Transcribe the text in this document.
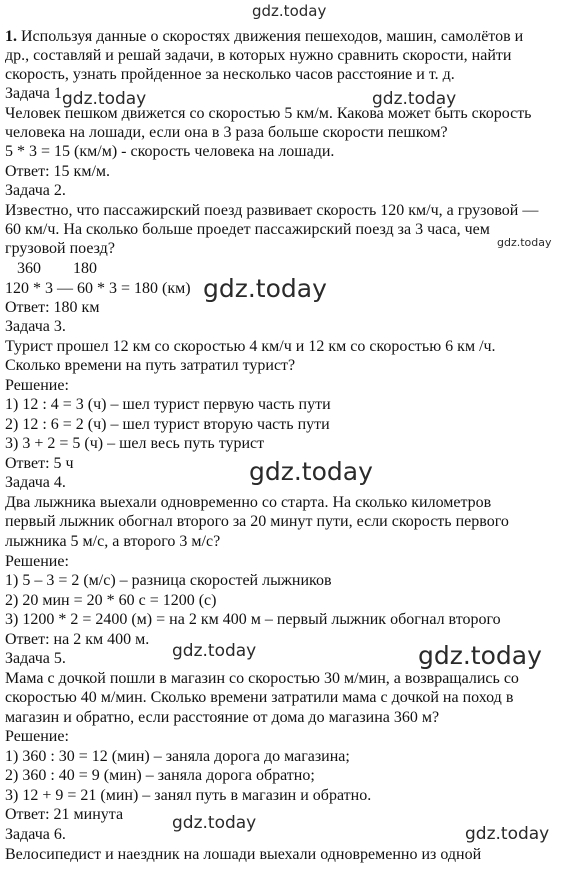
1. Используя данные о скоростях движения пешеходов, машин, самолётов и
др., составляй и решай задачи, в которых нужно сравнить скорости, найти
скорость, узнать пройденное за несколько часов расстояние и т. д.
Задача 1.
Человек пешком движется со скоростью 5 км/м. Какова может быть скорость
человека на лошади, если она в 3 раза больше скорости пешком?
5 * 3 = 15 (км/м) - скорость человека на лошади.
Ответ: 15 км/м.
Задача 2.
Известно, что пассажирский поезд развивает скорость 120 км/ч, а грузовой —
60 км/ч. На сколько больше проедет пассажирский поезд за 3 часа, чем
грузовой поезд?
360        180
120 * 3 — 60 * 3 = 180 (км)
Ответ: 180 км
Задача 3.
Турист прошел 12 км со скоростью 4 км/ч и 12 км со скоростью 6 км /ч.
Сколько времени на путь затратил турист?
Решение:
1) 12 : 4 = 3 (ч) – шел турист первую часть пути
2) 12 : 6 = 2 (ч) – шел турист вторую часть пути
3) 3 + 2 = 5 (ч) – шел весь путь турист
Ответ: 5 ч
Задача 4.
Два лыжника выехали одновременно со старта. На сколько километров
первый лыжник обогнал второго за 20 минут пути, если скорость первого
лыжника 5 м/с, а второго 3 м/с?
Решение:
1) 5 – 3 = 2 (м/с) – разница скоростей лыжников
2) 20 мин = 20 * 60 с = 1200 (с)
3) 1200 * 2 = 2400 (м) = на 2 км 400 м – первый лыжник обогнал второго
Ответ: на 2 км 400 м.
Задача 5.
Мама с дочкой пошли в магазин со скоростью 30 м/мин, а возвращались со
скоростью 40 м/мин. Сколько времени затратили мама с дочкой на поход в
магазин и обратно, если расстояние от дома до магазина 360 м?
Решение:
1) 360 : 30 = 12 (мин) – заняла дорога до магазина;
2) 360 : 40 = 9 (мин) – заняла дорога обратно;
3) 12 + 9 = 21 (мин) – занял путь в магазин и обратно.
Ответ: 21 минута
Задача 6.
Велосипедист и наездник на лошади выехали одновременно из одной
gdz.today
gdz.today	gdz.today
gdz.today
gdz.today
gdz.today
gdz.today	gdz.today
gdz.today
gdz.today
